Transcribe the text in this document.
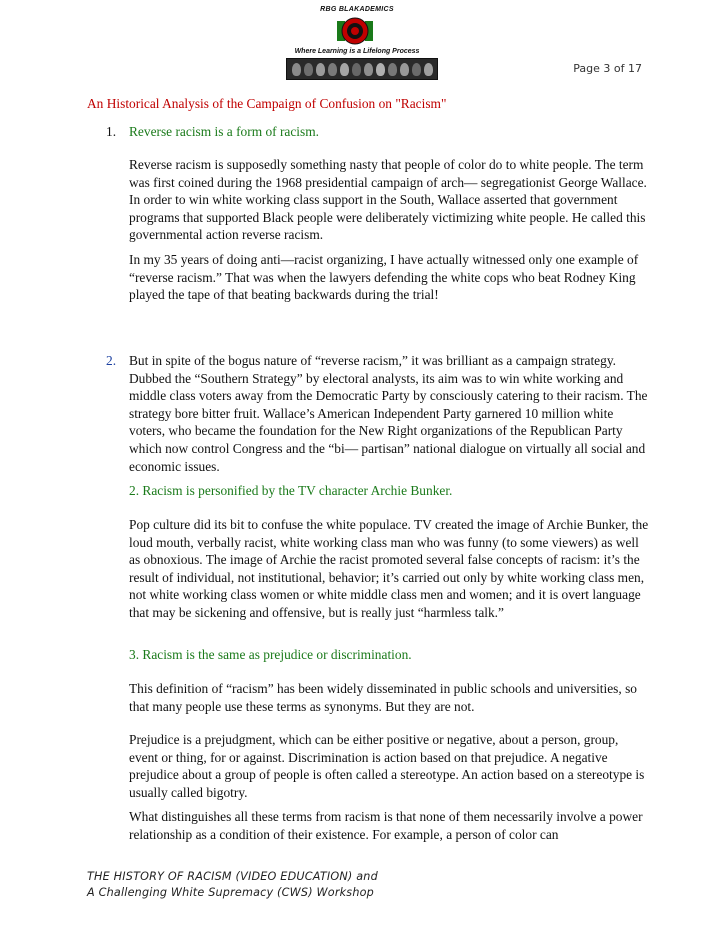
RBG BLAKADEMICS
Where Learning is a Lifelong Process
Page 3 of 17
An Historical Analysis of the Campaign of Confusion on "Racism"
1. Reverse racism is a form of racism.
Reverse racism is supposedly something nasty that people of color do to white people. The term was first coined during the 1968 presidential campaign of arch— segregationist George Wallace. In order to win white working class support in the South, Wallace asserted that government programs that supported Black people were deliberately victimizing white people. He called this governmental action reverse racism.
In my 35 years of doing anti—racist organizing, I have actually witnessed only one example of “reverse racism.” That was when the lawyers defending the white cops who beat Rodney King played the tape of that beating backwards during the trial!
2. But in spite of the bogus nature of “reverse racism,” it was brilliant as a campaign strategy. Dubbed the “Southern Strategy” by electoral analysts, its aim was to win white working and middle class voters away from the Democratic Party by consciously catering to their racism. The strategy bore bitter fruit. Wallace’s American Independent Party garnered 10 million white voters, who became the foundation for the New Right organizations of the Republican Party which now control Congress and the “bi— partisan” national dialogue on virtually all social and economic issues.
2. Racism is personified by the TV character Archie Bunker.
Pop culture did its bit to confuse the white populace. TV created the image of Archie Bunker, the loud mouth, verbally racist, white working class man who was funny (to some viewers) as well as obnoxious. The image of Archie the racist promoted several false concepts of racism: it’s the result of individual, not institutional, behavior; it’s carried out only by white working class men, not white working class women or white middle class men and women; and it is overt language that may be sickening and offensive, but is really just “harmless talk.”
3. Racism is the same as prejudice or discrimination.
This definition of “racism” has been widely disseminated in public schools and universities, so that many people use these terms as synonyms. But they are not.
Prejudice is a prejudgment, which can be either positive or negative, about a person, group, event or thing, for or against. Discrimination is action based on that prejudice. A negative prejudice about a group of people is often called a stereotype. An action based on a stereotype is usually called bigotry.
What distinguishes all these terms from racism is that none of them necessarily involve a power relationship as a condition of their existence. For example, a person of color can
THE HISTORY OF RACISM (VIDEO EDUCATION) and
A Challenging White Supremacy (CWS) Workshop
